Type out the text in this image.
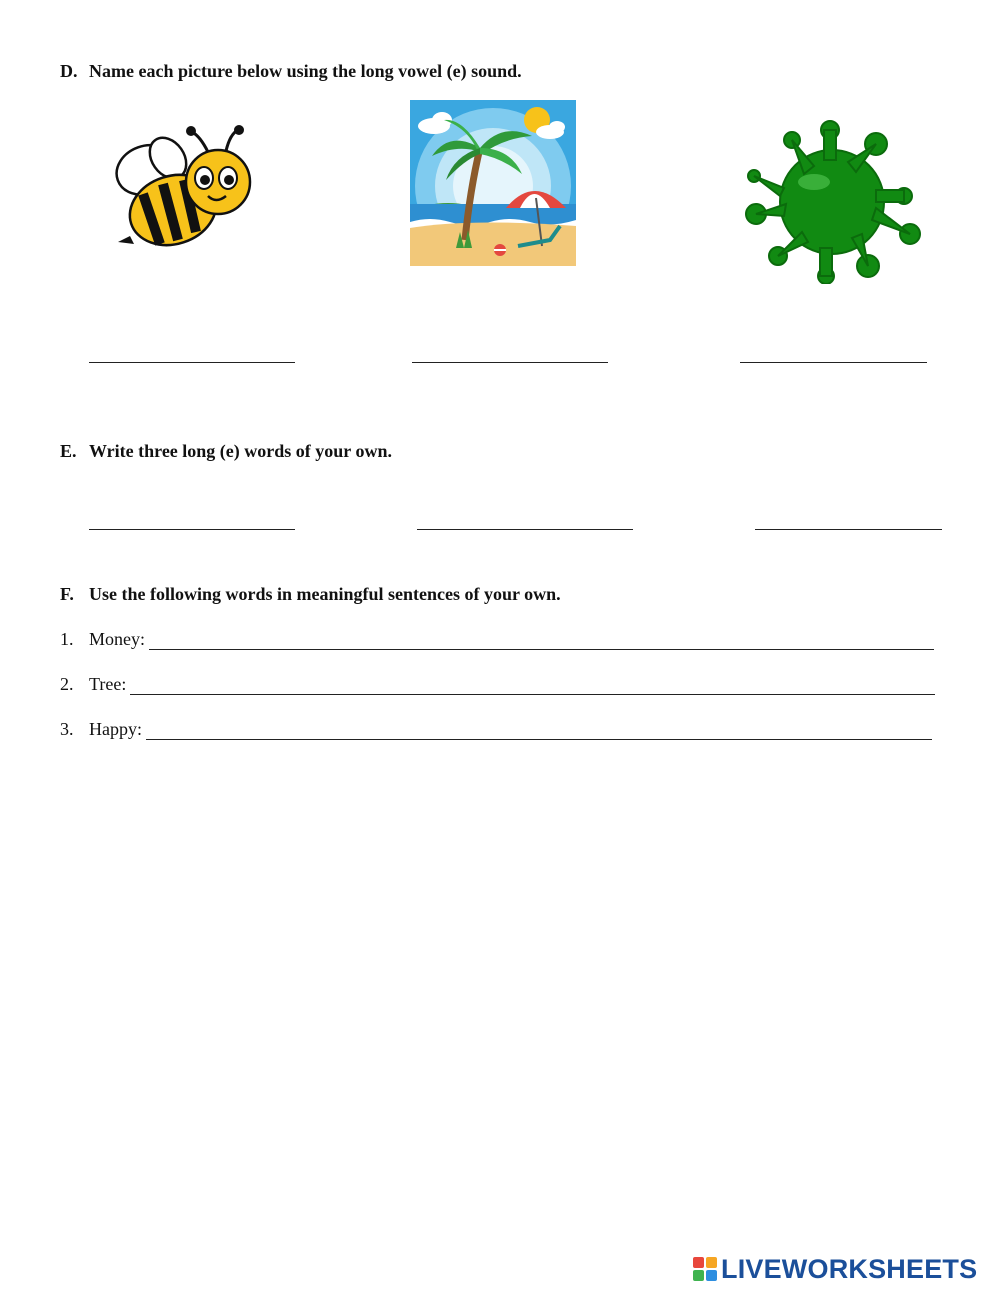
D. Name each picture below using the long vowel (e) sound.
E. Write three long (e) words of your own.
F. Use the following words in meaningful sentences of your own.
1. Money:
2. Tree:
3. Happy:
LIVEWORKSHEETS
